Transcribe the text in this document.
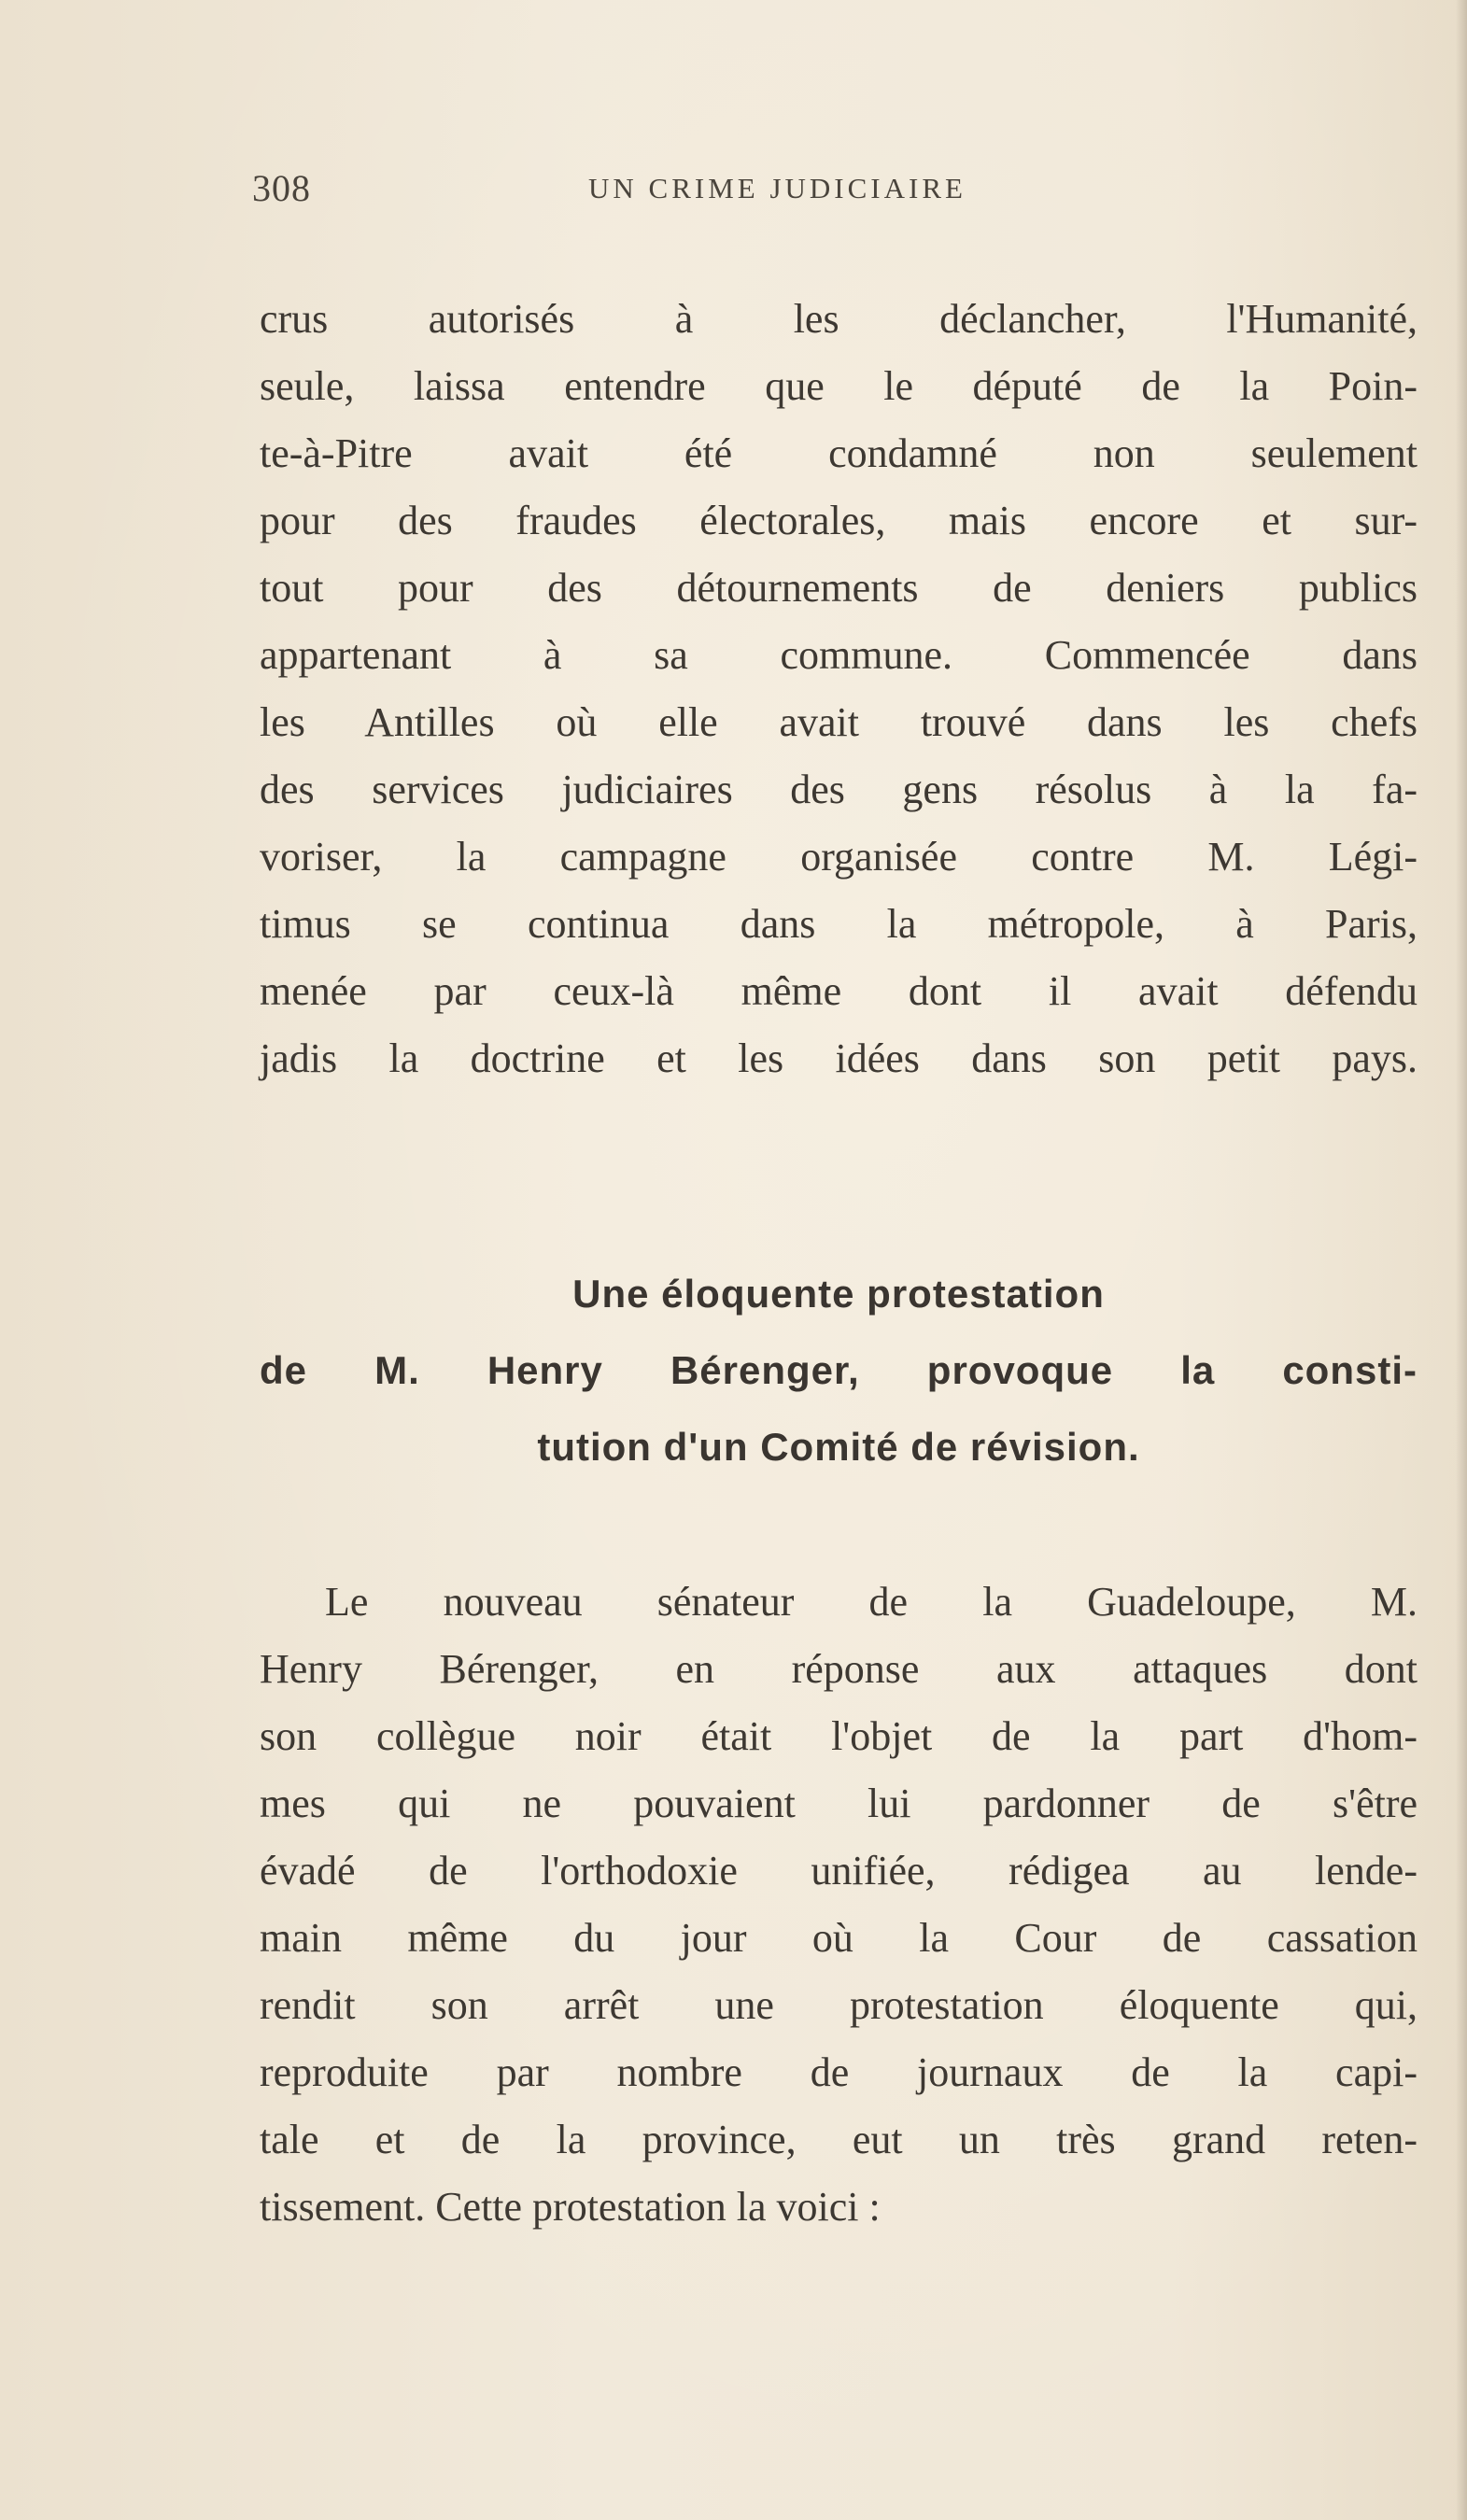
308	UN CRIME JUDICIAIRE

crus autorisés à les déclancher, l'Humanité,
seule, laissa entendre que le député de la Poin-
te-à-Pitre avait été condamné non seulement
pour des fraudes électorales, mais encore et sur-
tout pour des détournements de deniers publics
appartenant à sa commune. Commencée dans
les Antilles où elle avait trouvé dans les chefs
des services judiciaires des gens résolus à la fa-
voriser, la campagne organisée contre M. Légi-
timus se continua dans la métropole, à Paris,
menée par ceux-là même dont il avait défendu
jadis la doctrine et les idées dans son petit pays.

Une éloquente protestation
de M. Henry Bérenger, provoque la consti-
tution d'un Comité de révision.

Le nouveau sénateur de la Guadeloupe, M.
Henry Bérenger, en réponse aux attaques dont
son collègue noir était l'objet de la part d'hom-
mes qui ne pouvaient lui pardonner de s'être
évadé de l'orthodoxie unifiée, rédigea au lende-
main même du jour où la Cour de cassation
rendit son arrêt une protestation éloquente qui,
reproduite par nombre de journaux de la capi-
tale et de la province, eut un très grand reten-
tissement. Cette protestation la voici :
